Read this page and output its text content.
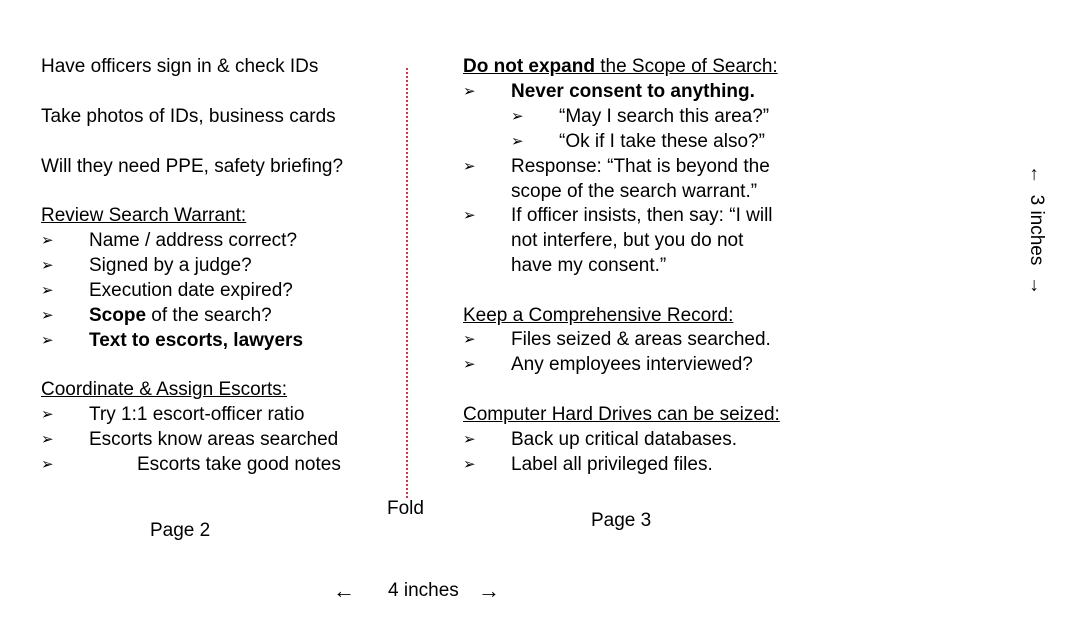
Have officers sign in & check IDs
Take photos of IDs, business cards
Will they need PPE, safety briefing?
Review Search Warrant:
➢ Name / address correct?
➢ Signed by a judge?
➢ Execution date expired?
➢ Scope of the search?
➢ Text to escorts, lawyers
Coordinate & Assign Escorts:
➢ Try 1:1 escort-officer ratio
➢ Escorts know areas searched
➢	Escorts take good notes
Page 2
Fold
Do not expand the Scope of Search:
➢ Never consent to anything.
➢ “May I search this area?”
➢ “Ok if I take these also?”
➢ Response: “That is beyond the
scope of the search warrant.”
➢ If officer insists, then say: “I will
not interfere, but you do not
have my consent.”
Keep a Comprehensive Record:
➢ Files seized & areas searched.
➢ Any employees interviewed?
Computer Hard Drives can be seized:
➢ Back up critical databases.
➢ Label all privileged files.
Page 3
← 4 inches →
←  3 inches  →
